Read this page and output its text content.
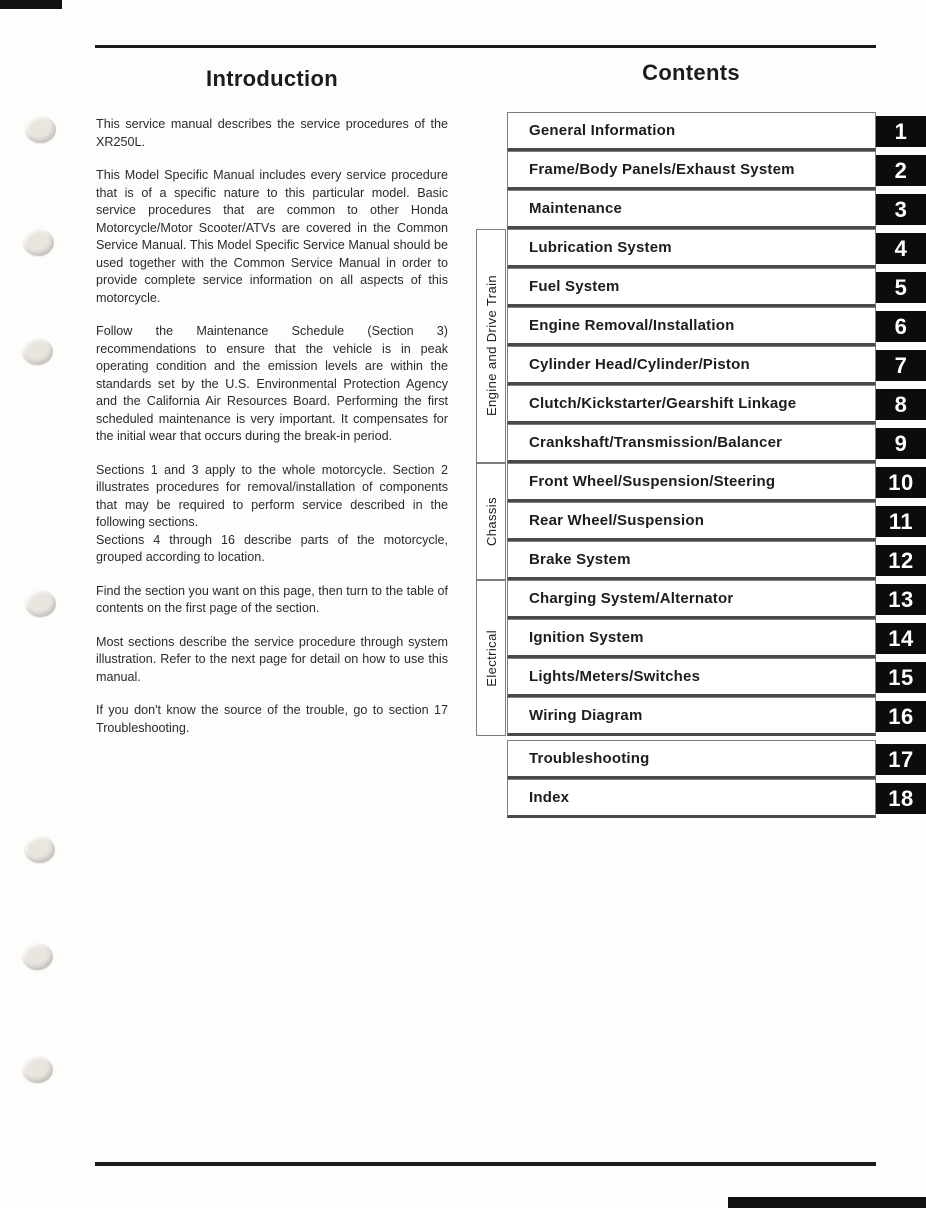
Introduction	Contents

This service manual describes the service procedures of the XR250L.

This Model Specific Manual includes every service procedure that is of a specific nature to this particular model. Basic service procedures that are common to other Honda Motorcycle/Motor Scooter/ATVs are covered in the Common Service Manual. This Model Specific Service Manual should be used together with the Common Service Manual in order to provide complete service information on all aspects of this motorcycle.

Follow the Maintenance Schedule (Section 3) recommendations to ensure that the vehicle is in peak operating condition and the emission levels are within the standards set by the U.S. Environmental Protection Agency and the California Air Resources Board. Performing the first scheduled maintenance is very important. It compensates for the initial wear that occurs during the break-in period.

Sections 1 and 3 apply to the whole motorcycle. Section 2 illustrates procedures for removal/installation of components that may be required to perform service described in the following sections.

Sections 4 through 16 describe parts of the motorcycle, grouped according to location.

Find the section you want on this page, then turn to the table of contents on the first page of the section.

Most sections describe the service procedure through system illustration. Refer to the next page for detail on how to use this manual.

If you don't know the source of the trouble, go to section 17 Troubleshooting.

Engine and Drive Train
Chassis
Electrical
General Information	1
Frame/Body Panels/Exhaust System	2
Maintenance	3
Lubrication System	4
Fuel System	5
Engine Removal/Installation	6
Cylinder Head/Cylinder/Piston	7
Clutch/Kickstarter/Gearshift Linkage	8
Crankshaft/Transmission/Balancer	9
Front Wheel/Suspension/Steering	10
Rear Wheel/Suspension	11
Brake System	12
Charging System/Alternator	13
Ignition System	14
Lights/Meters/Switches	15
Wiring Diagram	16
Troubleshooting	17
Index	18
